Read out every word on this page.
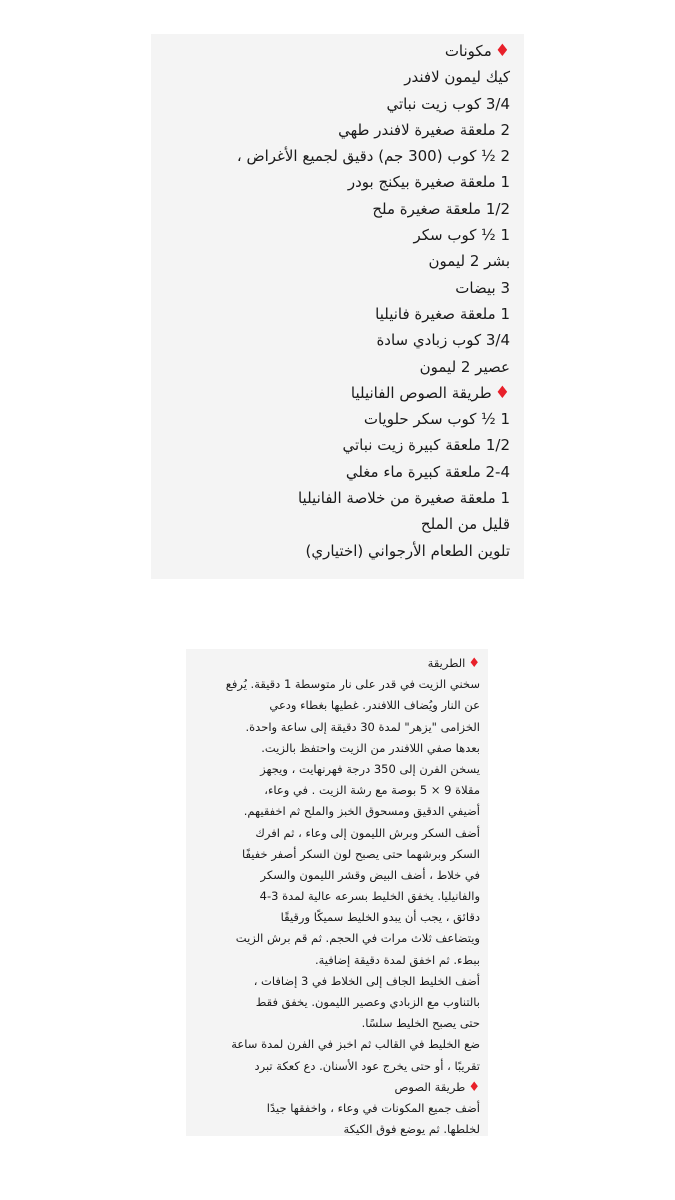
♦مكونات
كيك ليمون لافندر
3/4 كوب زيت نباتي
2 ملعقة صغيرة لافندر طهي
2 ½ كوب (300 جم) دقيق لجميع الأغراض ،
1 ملعقة صغيرة بيكنج بودر
1/2 ملعقة صغيرة ملح
1 ½ كوب سكر
بشر 2 ليمون
3 بيضات
1 ملعقة صغيرة فانيليا
3/4 كوب زبادي سادة
عصير 2 ليمون
♦طريقة الصوص الفانيليا
1 ½ كوب سكر حلويات
1/2 ملعقة كبيرة زيت نباتي
2-4 ملعقة كبيرة ماء مغلي
1 ملعقة صغيرة من خلاصة الفانيليا
قليل من الملح
تلوين الطعام الأرجواني (اختياري)
♦الطريقة
سخني الزيت في قدر على نار متوسطة 1 دقيقة. يُرفع
عن النار ويُضاف اللافندر. غطيها بغطاء ودعي
الخزامى "يزهر" لمدة 30 دقيقة إلى ساعة واحدة.
بعدها صفي اللافندر من الزيت واحتفظ بالزيت.
يسخن الفرن إلى 350 درجة فهرنهايت ، ويجهز
مقلاة 9 × 5 بوصة مع رشة الزيت . في وعاء،
أضيفي الدقيق ومسحوق الخبز والملح ثم اخفقيهم.
أضف السكر وبرش الليمون إلى وعاء ، ثم افرك
السكر وبرشهما حتى يصبح لون السكر أصفر خفيفًا
في خلاط ، أضف البيض وقشر الليمون والسكر
والفانيليا. يخفق الخليط بسرعه عالية لمدة 3-4
دقائق ، يجب أن يبدو الخليط سميكًا ورقيقًا
ويتضاعف ثلاث مرات في الحجم. ثم قم برش الزيت
ببطء. ثم اخفق لمدة دقيقة إضافية.
أضف الخليط الجاف إلى الخلاط في 3 إضافات ،
بالتناوب مع الزبادي وعصير الليمون. يخفق فقط
حتى يصبح الخليط سلسًا.
ضع الخليط في القالب ثم اخبز في الفرن لمدة ساعة
تقريبًا ، أو حتى يخرج عود الأسنان. دع كعكة تبرد
♦طريقة الصوص
أضف جميع المكونات في وعاء ، واخفقها جيدًا
لخلطها. ثم يوضع فوق الكيكة
